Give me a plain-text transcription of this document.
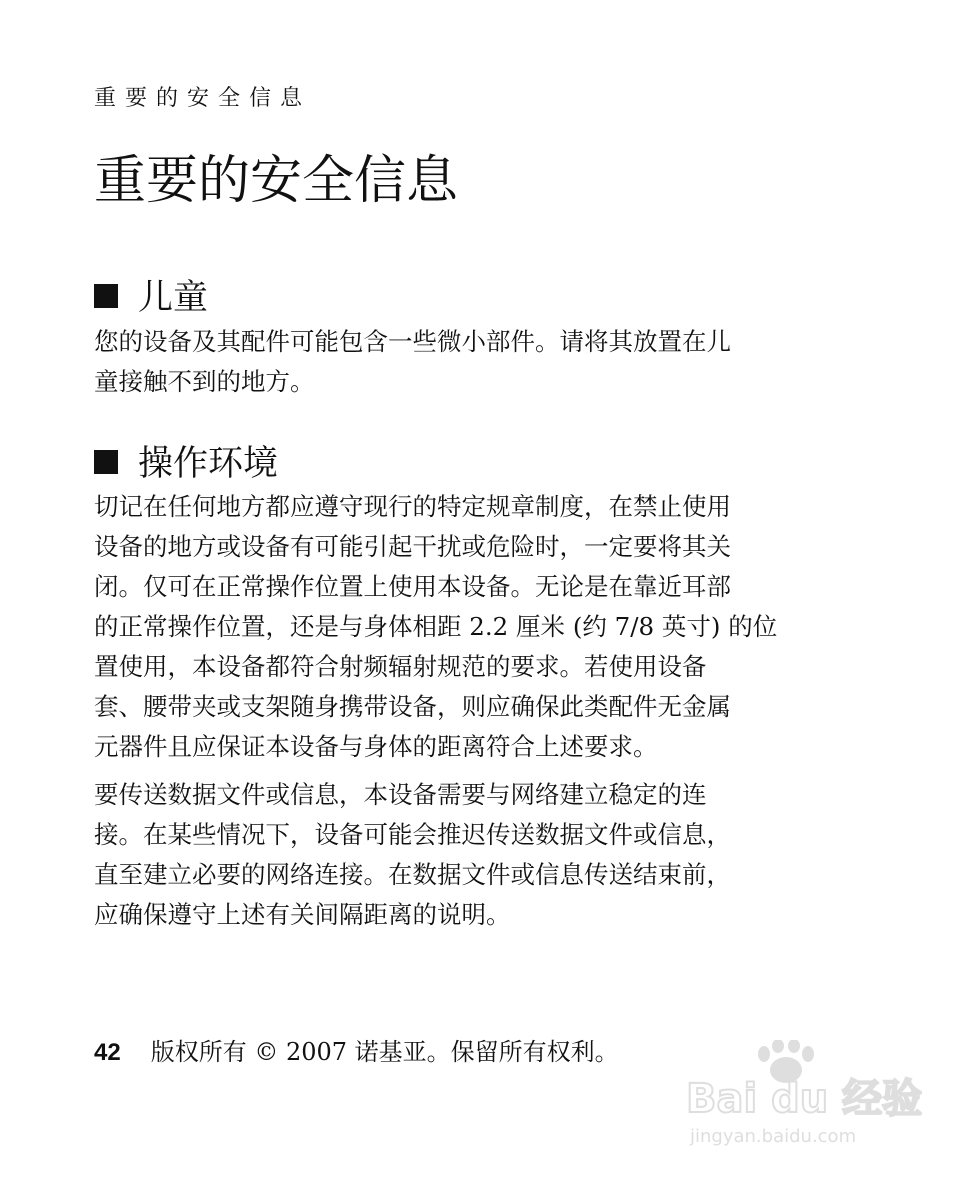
重要的安全信息
重要的安全信息
儿童
您的设备及其配件可能包含一些微小部件。请将其放置在儿
童接触不到的地方。
操作环境
切记在任何地方都应遵守现行的特定规章制度，在禁止使用
设备的地方或设备有可能引起干扰或危险时，一定要将其关
闭。仅可在正常操作位置上使用本设备。无论是在靠近耳部
的正常操作位置，还是与身体相距 2.2 厘米 (约 7/8 英寸) 的位
置使用，本设备都符合射频辐射规范的要求。若使用设备
套、腰带夹或支架随身携带设备，则应确保此类配件无金属
元器件且应保证本设备与身体的距离符合上述要求。
要传送数据文件或信息，本设备需要与网络建立稳定的连
接。在某些情况下，设备可能会推迟传送数据文件或信息，
直至建立必要的网络连接。在数据文件或信息传送结束前，
应确保遵守上述有关间隔距离的说明。
42 版权所有 © 2007 诺基亚。保留所有权利。
Bai du 经验
jingyan.baidu.com
